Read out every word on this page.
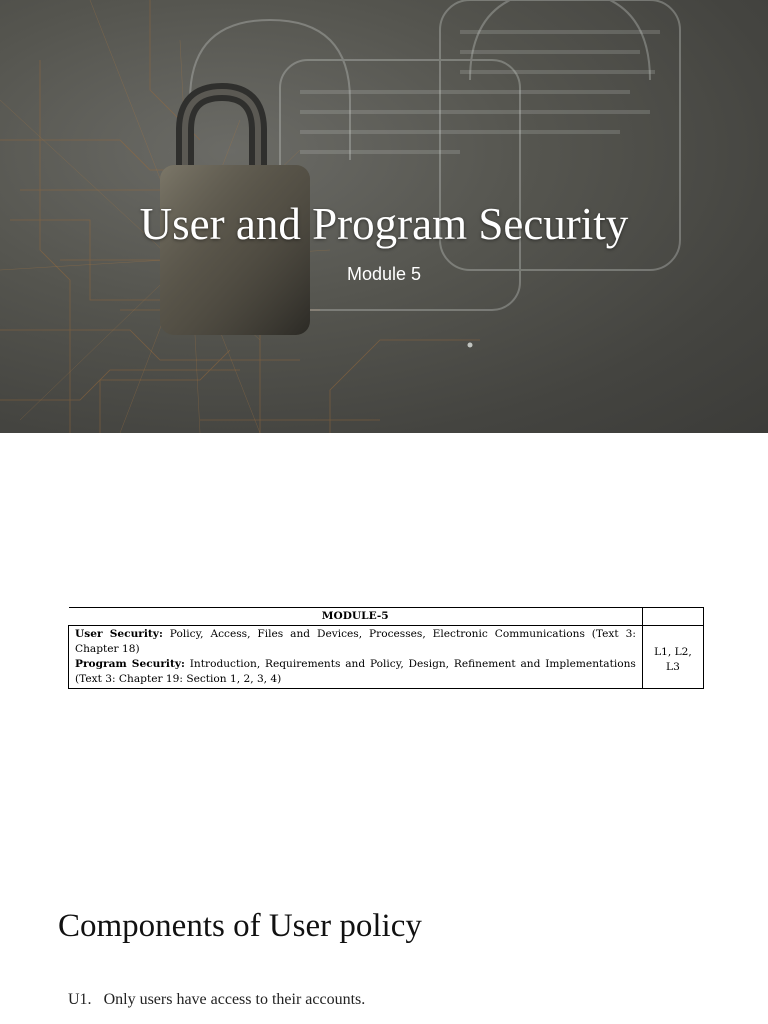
User and Program Security
Module 5
MODULE-5	
User Security: Policy, Access, Files and Devices, Processes, Electronic Communications (Text 3: Chapter 18)
Program Security: Introduction, Requirements and Policy, Design, Refinement and Implementations (Text 3: Chapter 19: Section 1, 2, 3, 4)	L1, L2, L3
Components of User policy
U1. Only users have access to their accounts.
